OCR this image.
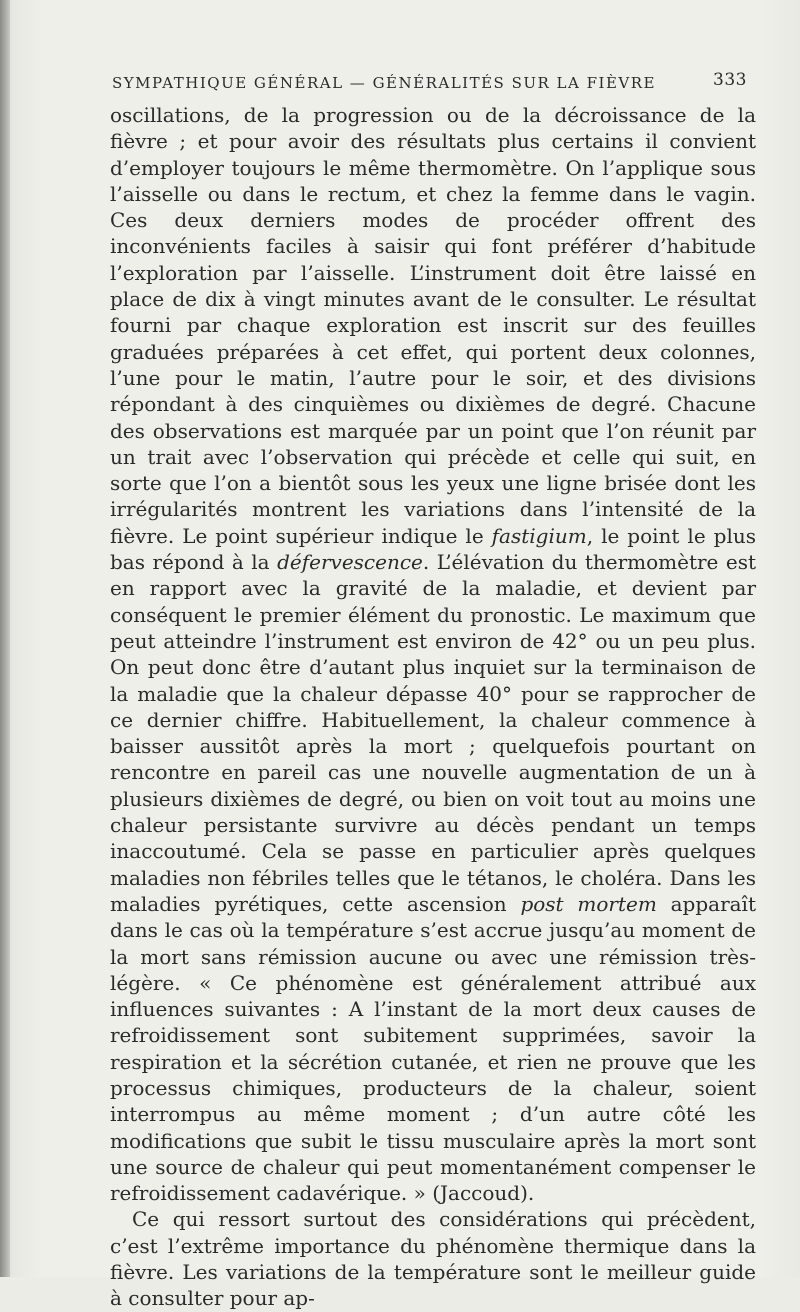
SYMPATHIQUE GÉNÉRAL — GÉNÉRALITÉS SUR LA FIÈVRE	333

oscillations, de la progression ou de la décroissance de la fièvre ; et pour avoir des résultats plus certains il convient d’employer toujours le même thermomètre. On l’applique sous l’aisselle ou dans le rectum, et chez la femme dans le vagin. Ces deux derniers modes de procéder offrent des inconvénients faciles à saisir qui font préférer d’habitude l’exploration par l’aisselle. L’instrument doit être laissé en place de dix à vingt minutes avant de le consulter. Le résultat fourni par chaque exploration est inscrit sur des feuilles graduées préparées à cet effet, qui portent deux colonnes, l’une pour le matin, l’autre pour le soir, et des divisions répondant à des cinquièmes ou dixièmes de degré. Chacune des observations est marquée par un point que l’on réunit par un trait avec l’observation qui précède et celle qui suit, en sorte que l’on a bientôt sous les yeux une ligne brisée dont les irrégularités montrent les variations dans l’intensité de la fièvre. Le point supérieur indique le fastigium, le point le plus bas répond à la défervescence. L’élévation du thermomètre est en rapport avec la gravité de la maladie, et devient par conséquent le premier élément du pronostic. Le maximum que peut atteindre l’instrument est environ de 42° ou un peu plus. On peut donc être d’autant plus inquiet sur la terminaison de la maladie que la chaleur dépasse 40° pour se rapprocher de ce dernier chiffre. Habituellement, la chaleur commence à baisser aussitôt après la mort ; quelquefois pourtant on rencontre en pareil cas une nouvelle augmentation de un à plusieurs dixièmes de degré, ou bien on voit tout au moins une chaleur persistante survivre au décès pendant un temps inaccoutumé. Cela se passe en particulier après quelques maladies non fébriles telles que le tétanos, le choléra. Dans les maladies pyrétiques, cette ascension post mortem apparaît dans le cas où la température s’est accrue jusqu’au moment de la mort sans rémission aucune ou avec une rémission très-légère. « Ce phénomène est généralement attribué aux influences suivantes : A l’instant de la mort deux causes de refroidissement sont subitement supprimées, savoir la respiration et la sécrétion cutanée, et rien ne prouve que les processus chimiques, producteurs de la chaleur, soient interrompus au même moment ; d’un autre côté les modifications que subit le tissu musculaire après la mort sont une source de chaleur qui peut momentanément compenser le refroidissement cadavérique. » (Jaccoud).

Ce qui ressort surtout des considérations qui précèdent, c’est l’extrême importance du phénomène thermique dans la fièvre. Les variations de la température sont le meilleur guide à consulter pour ap-
